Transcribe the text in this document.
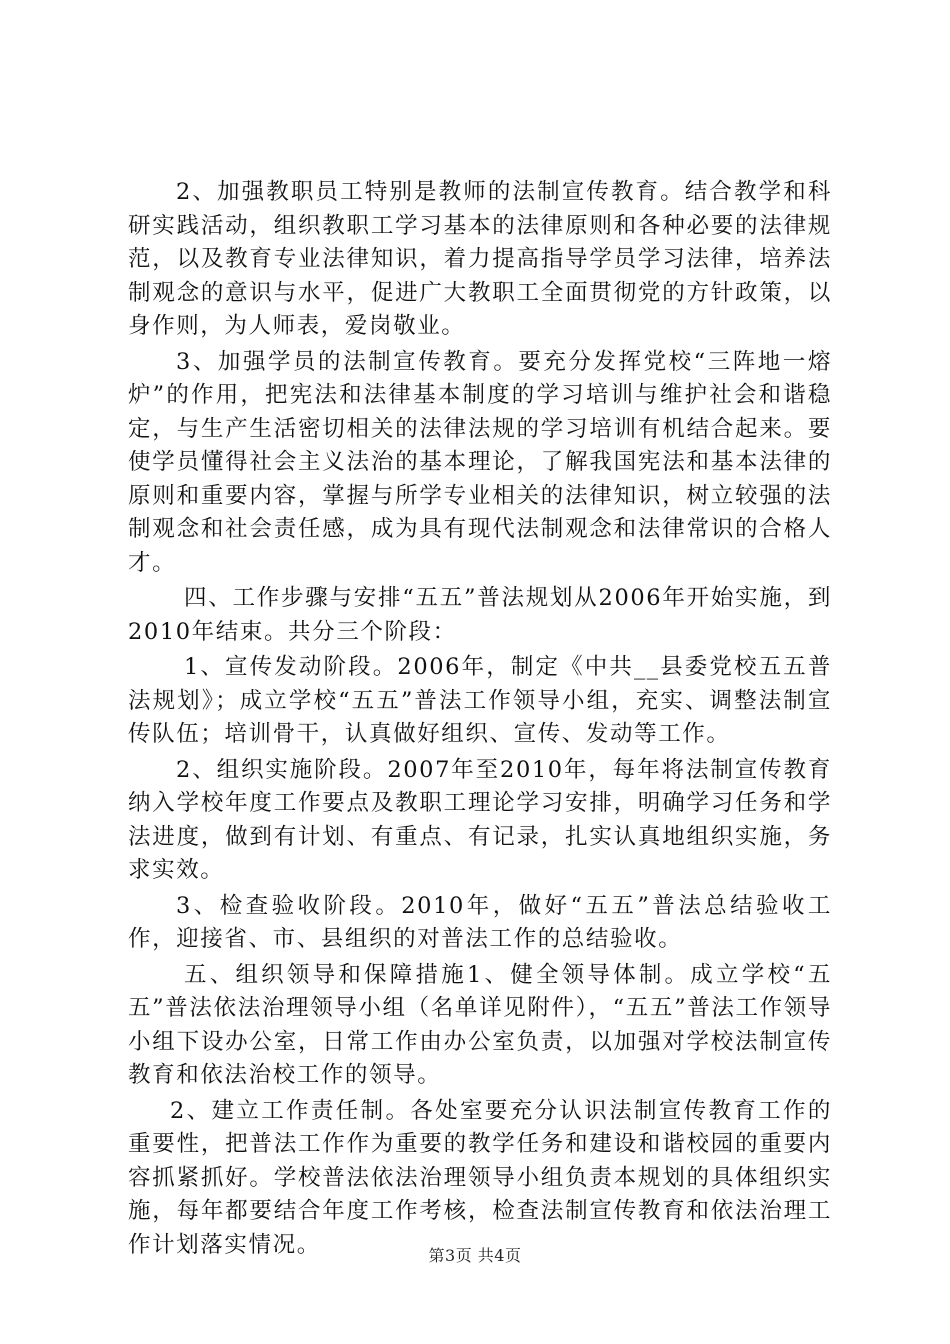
2、加强教职员工特别是教师的法制宣传教育。结合教学和科研实践活动，组织教职工学习基本的法律原则和各种必要的法律规范，以及教育专业法律知识，着力提高指导学员学习法律，培养法制观念的意识与水平，促进广大教职工全面贯彻党的方针政策，以身作则，为人师表，爱岗敬业。

3、加强学员的法制宣传教育。要充分发挥党校“三阵地一熔炉”的作用，把宪法和法律基本制度的学习培训与维护社会和谐稳定，与生产生活密切相关的法律法规的学习培训有机结合起来。要使学员懂得社会主义法治的基本理论，了解我国宪法和基本法律的原则和重要内容，掌握与所学专业相关的法律知识，树立较强的法制观念和社会责任感，成为具有现代法制观念和法律常识的合格人才。

四、工作步骤与安排“五五”普法规划从2006年开始实施，到2010年结束。共分三个阶段：

1、宣传发动阶段。2006年，制定《中共__县委党校五五普法规划》；成立学校“五五”普法工作领导小组，充实、调整法制宣传队伍；培训骨干，认真做好组织、宣传、发动等工作。

2、组织实施阶段。2007年至2010年，每年将法制宣传教育纳入学校年度工作要点及教职工理论学习安排，明确学习任务和学法进度，做到有计划、有重点、有记录，扎实认真地组织实施，务求实效。

3、检查验收阶段。2010年，做好“五五”普法总结验收工作，迎接省、市、县组织的对普法工作的总结验收。

五、组织领导和保障措施1、健全领导体制。成立学校“五五”普法依法治理领导小组（名单详见附件），“五五”普法工作领导小组下设办公室，日常工作由办公室负责，以加强对学校法制宣传教育和依法治校工作的领导。

2、建立工作责任制。各处室要充分认识法制宣传教育工作的重要性，把普法工作作为重要的教学任务和建设和谐校园的重要内容抓紧抓好。学校普法依法治理领导小组负责本规划的具体组织实施，每年都要结合年度工作考核，检查法制宣传教育和依法治理工作计划落实情况。	第3页 共4页
